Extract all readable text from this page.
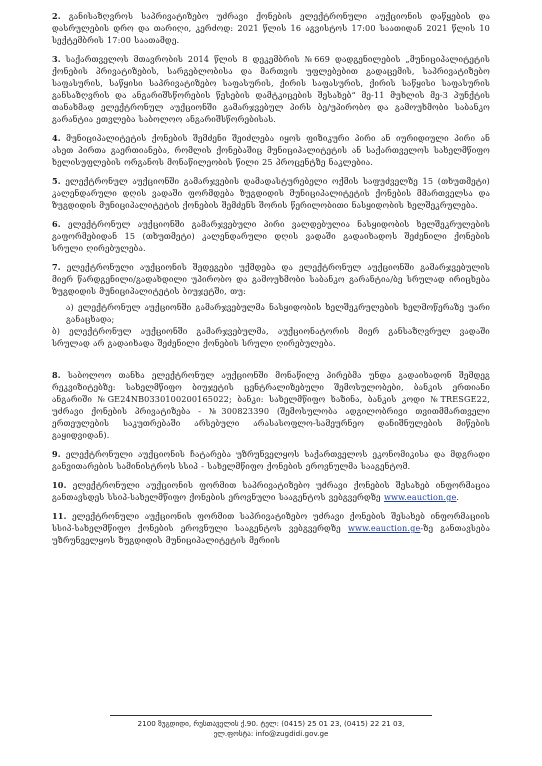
2. განისაზღვროს საპრივატიზებო უძრავი ქონების ელექტრონული აუქციონის დაწყების და დასრულების დრო და თარიღი, კერძოდ: 2021 წლის 16 აგვისტოს 17:00 საათიდან 2021 წლის 10 სექტემბრის 17:00 საათამდე.

3. საქართველოს მთავრობის 2014 წლის 8 დეკემბრის №669 დადგენილების „მუნიციპალიტეტის ქონების პრივატიზების, სარგებლობისა და მართვის უფლებებით გადაცემის, საპრივატიზებო საფასურის, საწყისი საპრივატიზებო საფასურის, ქირის საფასურის, ქირის საწყისი საფასურის განსაზღვრის და ანგარიშსწორების წესების დამტკიცების შესახებ“ მე-11 მუხლის მე-3 პუნქტის თანახმად ელექტრონულ აუქციონში გამარჯვებულ პირს ბე/უპირობო და გამოუხმობი საბანკო გარანტია ეთვლება საბოლოო ანგარიშსწორებისას.

4. მუნიციპალიტეტის ქონების შემძენი შეიძლება იყოს ფიზიკური პირი ან იურიდიული პირი ან ასეთ პირთა გაერთიანება, რომლის ქონებაშიც მუნიციპალიტეტის ან საქართველოს სახელმწიფო ხელისუფლების ორგანოს მონაწილეობის წილი 25 პროცენტზე ნაკლებია.

5. ელექტრონულ აუქციონში გამარჯვების დამადასტურებელი ოქმის საფუძველზე 15 (თხუთმეტი) კალენდარული დღის ვადაში ფორმდება ზუგდიდის მუნიციპალიტეტის ქონების მმართველსა და ზუგდიდის მუნიციპალიტეტის ქონების შემძენს შორის წერილობითი ნასყიდობის ხელშეკრულება.

6. ელექტრონულ აუქციონში გამარჯვებული პირი ვალდებულია ნასყიდობის ხელშეკრულების გაფორმებიდან 15 (თხუთმეტი) კალენდარული დღის ვადაში გადაიხადოს შეძენილი ქონების სრული ღირებულება.

7. ელექტრონული აუქციონის შედეგები უქმდება და ელექტრონულ აუქციონში გამარჯვებულის მიერ წარდგენილი/გადახდილი უპირობო და გამოუხმობი საბანკო გარანტია/ბე სრულად ირიცხება ზუგდიდის მუნიციპალიტეტის ბიუჯეტში, თუ:

ა) ელექტრონულ აუქციონში გამარჯვებულმა ნასყიდობის ხელშეკრულების ხელმოწერაზე უარი განაცხადა;

ბ) ელექტრონულ აუქციონში გამარჯვებულმა, აუქციონატორის მიერ განსაზღვრულ ვადაში სრულად არ გადაიხადა შეძენილი ქონების სრული ღირებულება.

8. საბოლოო თანხა ელექტრონულ აუქციონში მონაწილე პირებმა უნდა გადაიხადონ შემდეგ რეკვიზიტებზე: სახელმწიფო ბიუჯეტის ცენტრალიზებული შემოსულობები, ბანკის ერთიანი ანგარიში №GE24NB0330100200165022; ბანკი: სახელმწიფო ხაზინა, ბანკის კოდი №TRESGE22, უძრავი ქონების პრივატიზება - №300823390 (შემოსულობა ადგილობრივი თვითმმართველი ერთეულების საკუთრებაში არსებული არასასოფლო-სამეურნეო დანიშნულების მიწების გაყიდვიდან).

9. ელექტრონული აუქციონის ჩატარება უზრუნველყოს საქართველოს ეკონომიკისა და მდგრადი განვითარების სამინისტროს სსიპ - სახელმწიფო ქონების ეროვნულმა სააგენტომ.

10. ელექტრონული აუქციონის ფორმით საპრივატიზებო უძრავი ქონების შესახებ ინფორმაცია განთავსდეს სსიპ-სახელმწიფო ქონების ეროვნული სააგენტოს ვებგვერდზე www.eauction.ge.

11. ელექტრონული აუქციონის ფორმით საპრივატიზებო უძრავი ქონების შესახებ ინფორმაციის სსიპ-სახელმწიფო ქონების ეროვნული სააგენტოს ვებგვერდზე www.eauction.ge-ზე განთავსება უზრუნველყოს ზუგდიდის მუნიციპალიტეტის მერიის

2100 ზუგდიდი, რუსთაველის ქ.90. ტელ: (0415) 25 01 23, (0415) 22 21 03,
ელ.ფოსტა: info@zugdidi.gov.ge
